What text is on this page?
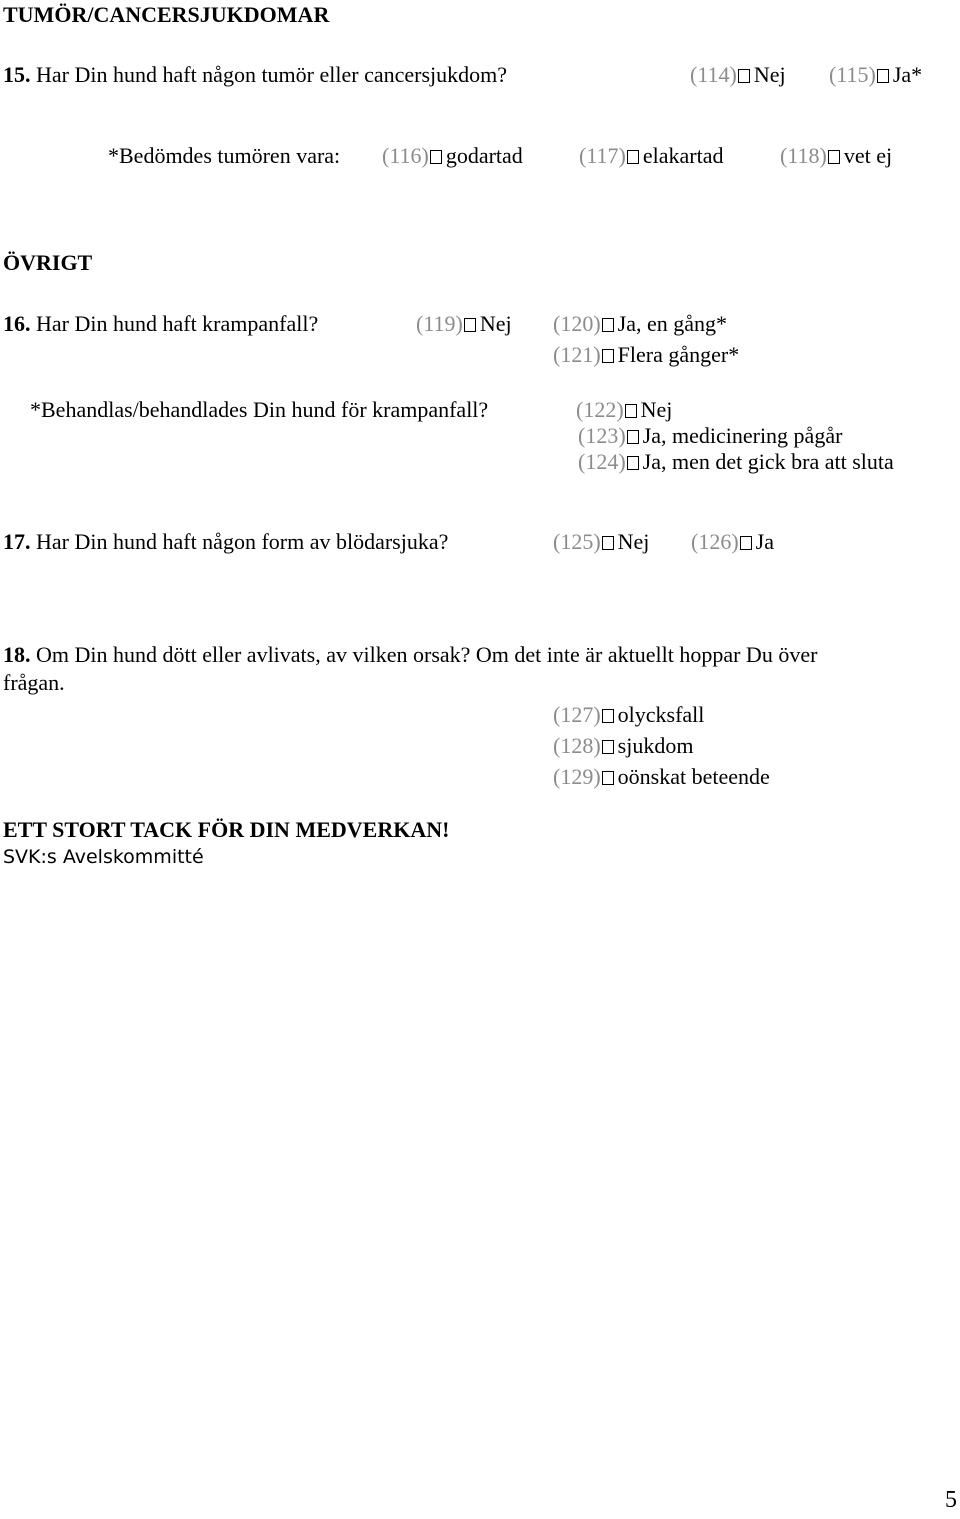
TUMÖR/CANCERSJUKDOMAR
15. Har Din hund haft någon tumör eller cancersjukdom?	(114) Nej (115) Ja*
*Bedömdes tumören vara: (116) godartad	(117) elakartad	(118) vet ej
ÖVRIGT
16. Har Din hund haft krampanfall?	(119) Nej (120) Ja, en gång*
(121) Flera gånger*
*Behandlas/behandlades Din hund för krampanfall?	(122) Nej
(123) Ja, medicinering pågår
(124) Ja, men det gick bra att sluta
17. Har Din hund haft någon form av blödarsjuka?	(125) Nej (126) Ja
18. Om Din hund dött eller avlivats, av vilken orsak? Om det inte är aktuellt hoppar Du över
frågan.
(127) olycksfall
(128) sjukdom
(129) oönskat beteende
ETT STORT TACK FÖR DIN MEDVERKAN!
SVK:s Avelskommitté
5
